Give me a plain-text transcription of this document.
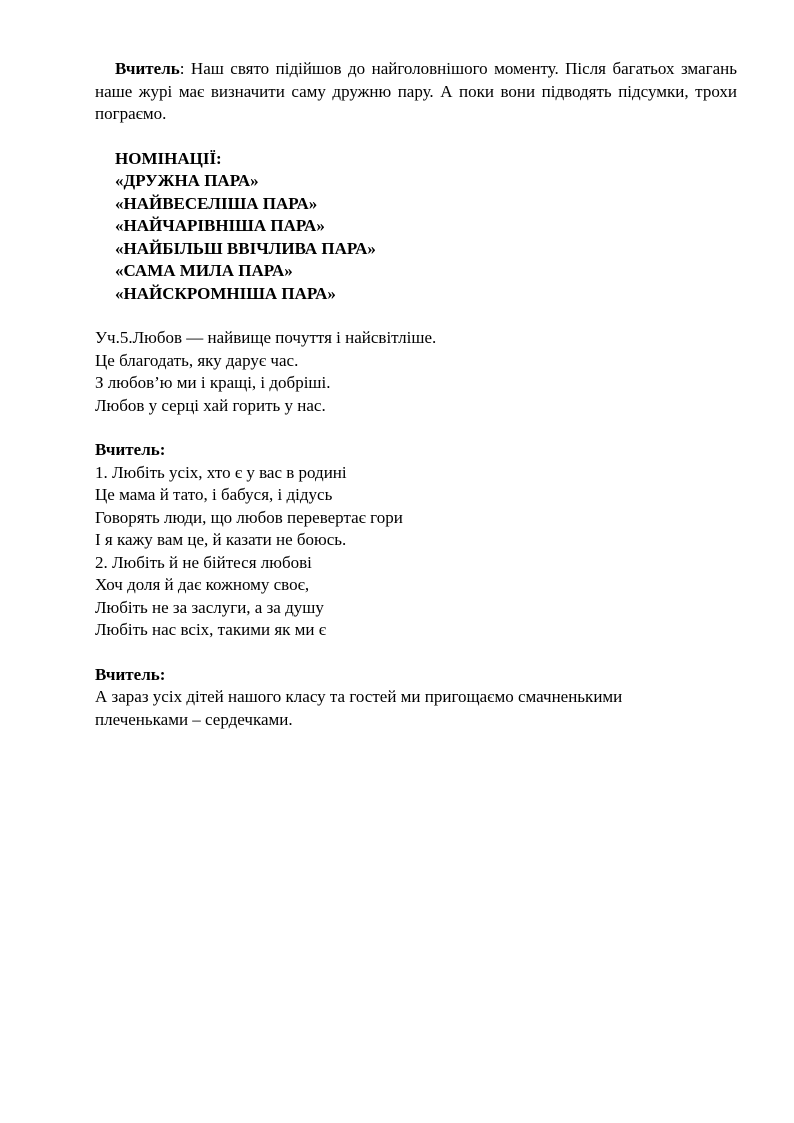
Вчитель: Наш свято підійшов до найголовнішого моменту. Після багатьох змагань наше журі має визначити саму дружню пару. А поки вони підводять підсумки, трохи пограємо.

НОМІНАЦІЇ:
«ДРУЖНА ПАРА»
«НАЙВЕСЕЛІША ПАРА»
«НАЙЧАРІВНІША ПАРА»
«НАЙБІЛЬШ ВВІЧЛИВА ПАРА»
«САМА МИЛА ПАРА»
«НАЙСКРОМНІША ПАРА»
Уч.5.Любов — найвище почуття і найсвітліше.
Це благодать, яку дарує час.
З любов’ю ми і кращі, і добріші.
Любов у серці хай горить у нас.
Вчитель:
1. Любіть усіх, хто є у вас в родині
Це мама й тато, і бабуся, і дідусь
Говорять люди, що любов перевертає гори
І я кажу вам це, й казати не боюсь.
2. Любіть й не бійтеся любові
Хоч доля й дає кожному своє,
Любіть не за заслуги, а за душу
Любіть нас всіх, такими як ми є
Вчитель:
А зараз усіх дітей нашого класу та гостей ми пригощаємо смачненькими
плеченьками – сердечками.
